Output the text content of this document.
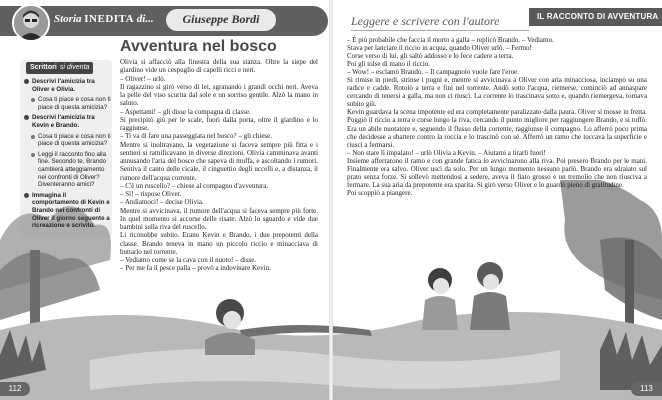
Storia INEDITA di...	Giuseppe Bordi
Scrittori si diventa
Descrivi l'amicizia tra Oliver e Olivia.
Cosa ti piace e cosa non ti piace di questa amicizia?
Descrivi l'amicizia tra Kevin e Brando.
Cosa ti piace e cosa non ti piace di questa amicizia?
Leggi il racconto fino alla fine. Secondo te, Brando cambierà atteggiamento nei confronti di Oliver? Diventeranno amici?
Immagina il comportamento di Kevin e Brando nei confronti di Oliver il giorno seguente a ricreazione e scrivilo.
Avventura nel bosco

Olivia si affacciò alla finestra della sua stanza. Oltre la siepe del giardino vide un cespuglio di capelli ricci e neri.

– Oliver! – urlò.

Il ragazzino si girò verso di lei, sgranando i grandi occhi neri. Aveva la pelle del viso scurita dal sole e un sorriso gentile. Alzò la mano in saluto.

– Aspettami! – gli disse la compagna di classe.

Si precipitò giù per le scale, fuori dalla porta, oltre il giardino e lo raggiunse.

– Ti va di fare una passeggiata nel bosco? – gli chiese.

Mentre si inoltravano, la vegetazione si faceva sempre più fitta e i sentieri si ramificavano in diverse direzioni. Olivia camminava avanti annusando l'aria del bosco che sapeva di muffa, e ascoltando i rumori. Sentiva il canto delle cicale, il cinguettio degli uccelli e, a distanza, il rumore dell'acqua corrente.

– C'è un ruscello? – chiese al compagno d'avventura.

– Sì! – rispose Oliver.

– Andiamoci! – decise Olivia.

Mentre si avvicinava, il rumore dell'acqua si faceva sempre più forte. In quel momento si accorse delle risate. Alzò lo sguardo e vide due bambini sulla riva del ruscello.

Li riconobbe subito. Erano Kevin e Brando, i due prepotenti della classe. Brando teneva in mano un piccolo riccio e minacciava di buttarlo nel torrente.

– Vediamo come se la cava con il nuoto! – disse.

– Per me fa il pesce palla – provò a indovinare Kevin.

Leggere e scrivere con l'autore	IL RACCONTO DI AVVENTURA

– È più probabile che faccia il morto a galla – replicò Brando. – Vediamo.

Stava per lanciare il riccio in acqua, quando Oliver urlò. – Fermo!

Corse verso di lui, gli saltò addosso e lo fece cadere a terra.

Poi gli tolse di mano il riccio.

– Wow! – esclamò Brando. – Il campagnolo vuole fare l'eroe.

Si rimise in piedi, strinse i pugni e, mentre si avvicinava a Oliver con aria minacciosa, inciampò su una radice e cadde. Rotolò a terra e finì nel torrente. Andò sotto l'acqua, riemerse, cominciò ad annaspare cercando di tenersi a galla, ma non ci riuscì. La corrente lo trascinava sotto e, quando riemergeva, tornava subito giù.

Kevin guardava la scena impotente ed era completamente paralizzato dalla paura. Oliver si mosse in fretta. Poggiò il riccio a terra e corse lungo la riva, cercando il punto migliore per raggiungere Brando, e si tuffò. Era un abile nuotatore e, seguendo il flusso della corrente, raggiunse il compagno. Lo afferrò poco prima che decidesse a sbattere contro la roccia e lo trascinò con sé. Afferrò un ramo che toccava la superficie e riuscì a fermarsi.

– Non stare lì impalato! – urlò Olivia a Kevin. – Aiutami a tirarli fuori!

Insieme afferrarono il ramo e con grande fatica lo avvicinarono alla riva. Poi presero Brando per le mani. Finalmente era salvo. Oliver uscì da solo. Per un lungo momento nessuno parlò. Brando era sdraiato sul prato senza forze. Si sollevò mettendosi a sedere, aveva il fiato grosso e un tremolio che non riusciva a fermare. La sua aria da prepotente era sparita. Si girò verso Oliver e lo guardò pieno di gratitudine.

Poi scoppiò a piangere.

112	113
